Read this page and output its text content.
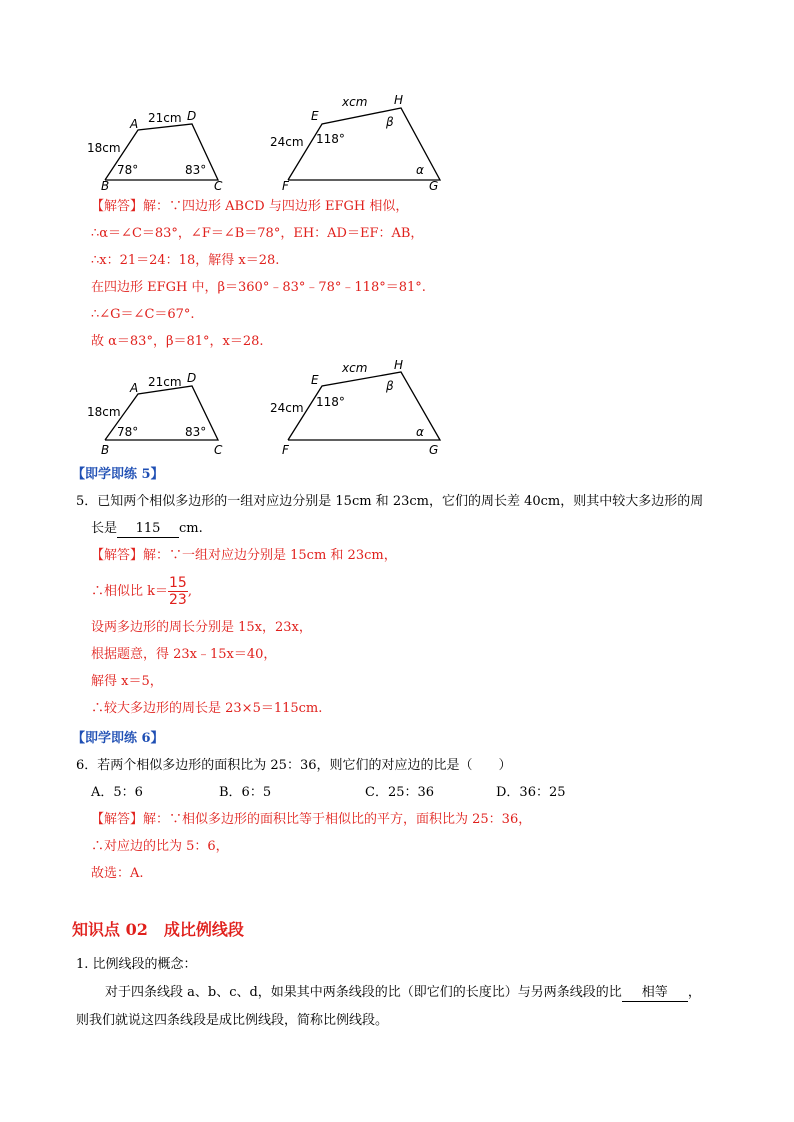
A
D
B	C
21cm
18cm
78°	83°
E
H
F	G
xcm
24cm 118°
β
α
【解答】解：∵四边形 ABCD 与四边形 EFGH 相似，
∴α＝∠C＝83°，∠F＝∠B＝78°，EH：AD＝EF：AB，
∴x：21＝24：18，解得 x＝28.
在四边形 EFGH 中，β＝360°﹣83°﹣78°﹣118°＝81°.
∴∠G＝∠C＝67°.
故 α＝83°，β＝81°，x＝28.
A
D
B	C
21cm
18cm
78°	83°
E
H
F	G
xcm
24cm 118°
β
α
【即学即练 5】
5．已知两个相似多边形的一组对应边分别是 15cm 和 23cm，它们的周长差 40cm，则其中较大多边形的周
长是 115 cm.
【解答】解：∵一组对应边分别是 15cm 和 23cm，
∴相似比 $k= \frac{15}{23}$ ,
设两多边形的周长分别是 15x，23x，
根据题意，得 23x﹣15x＝40，
解得 x＝5，
∴较大多边形的周长是 23×5＝115cm.
【即学即练 6】
6．若两个相似多边形的面积比为 25：36，则它们的对应边的比是（　　）
A．5：6	B．6：5	C．25：36	D．36：25
【解答】解：∵相似多边形的面积比等于相似比的平方，面积比为 25：36，
∴对应边的比为 5：6，
故选：A.
知识点 02　成比例线段
1. 比例线段的概念：
对于四条线段 a、b、c、d，如果其中两条线段的比（即它们的长度比）与另两条线段的比 相等 ，
则我们就说这四条线段是成比例线段，简称比例线段。
